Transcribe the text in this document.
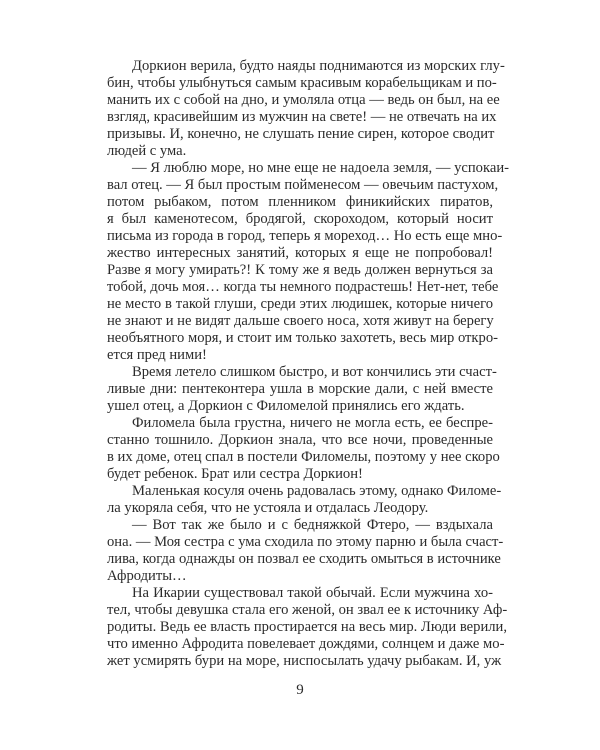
Доркион верила, будто наяды поднимаются из морских глу-
бин, чтобы улыбнуться самым красивым корабельщикам и по-
манить их с собой на дно, и умоляла отца — ведь он был, на ее
взгляд, красивейшим из мужчин на свете! — не отвечать на их
призывы. И, конечно, не слушать пение сирен, которое сводит
людей с ума.
— Я люблю море, но мне еще не надоела земля, — успокаи-
вал отец. — Я был простым пойменесом — овечьим пастухом,
потом рыбаком, потом пленником финикийских пиратов,
я был каменотесом, бродягой, скороходом, который носит
письма из города в город, теперь я мореход… Но есть еще мно-
жество интересных занятий, которых я еще не попробовал!
Разве я могу умирать?! К тому же я ведь должен вернуться за
тобой, дочь моя… когда ты немного подрастешь! Нет-нет, тебе
не место в такой глуши, среди этих людишек, которые ничего
не знают и не видят дальше своего носа, хотя живут на берегу
необъятного моря, и стоит им только захотеть, весь мир откро-
ется пред ними!
Время летело слишком быстро, и вот кончились эти счаст-
ливые дни: пентеконтера ушла в морские дали, с ней вместе
ушел отец, а Доркион с Филомелой принялись его ждать.
Филомела была грустна, ничего не могла есть, ее беспре-
станно тошнило. Доркион знала, что все ночи, проведенные
в их доме, отец спал в постели Филомелы, поэтому у нее скоро
будет ребенок. Брат или сестра Доркион!
Маленькая косуля очень радовалась этому, однако Филоме-
ла укоряла себя, что не устояла и отдалась Леодору.
— Вот так же было и с бедняжкой Фтеро, — вздыхала
она. — Моя сестра с ума сходила по этому парню и была счаст-
лива, когда однажды он позвал ее сходить омыться в источнике
Афродиты…
На Икарии существовал такой обычай. Если мужчина хо-
тел, чтобы девушка стала его женой, он звал ее к источнику Аф-
родиты. Ведь ее власть простирается на весь мир. Люди верили,
что именно Афродита повелевает дождями, солнцем и даже мо-
жет усмирять бури на море, ниспосылать удачу рыбакам. И, уж
9
